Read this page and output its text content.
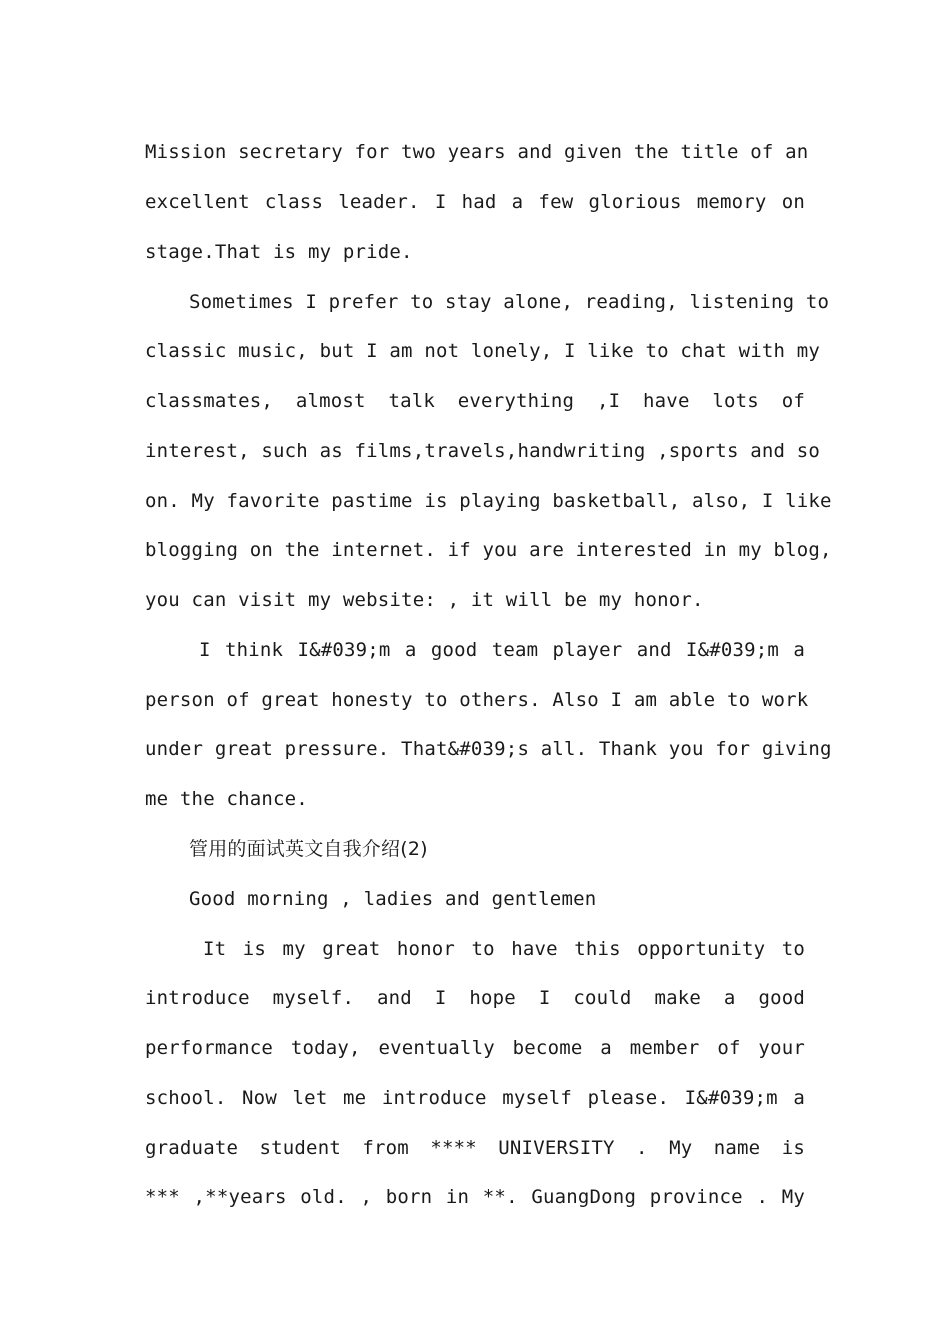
Mission secretary for two years and given the title of an
excellent class leader. I had a few glorious memory on
stage.That is my pride.
Sometimes I prefer to stay alone, reading, listening to
classic music, but I am not lonely, I like to chat with my
classmates, almost talk everything ,I have lots of
interest, such as films,travels,handwriting ,sports and so
on. My favorite pastime is playing basketball, also, I like
blogging on the internet. if you are interested in my blog,
you can visit my website: , it will be my honor.
I think I&#039;m a good team player and I&#039;m a
person of great honesty to others. Also I am able to work
under great pressure. That&#039;s all. Thank you for giving
me the chance.
管用的面试英文自我介绍(2)
Good morning , ladies and gentlemen
It is my great honor to have this opportunity to
introduce myself. and I hope I could make a good
performance today, eventually become a member of your
school. Now let me introduce myself please. I&#039;m a
graduate student from **** UNIVERSITY . My name is
*** ,**years old. , born in **. GuangDong province . My
